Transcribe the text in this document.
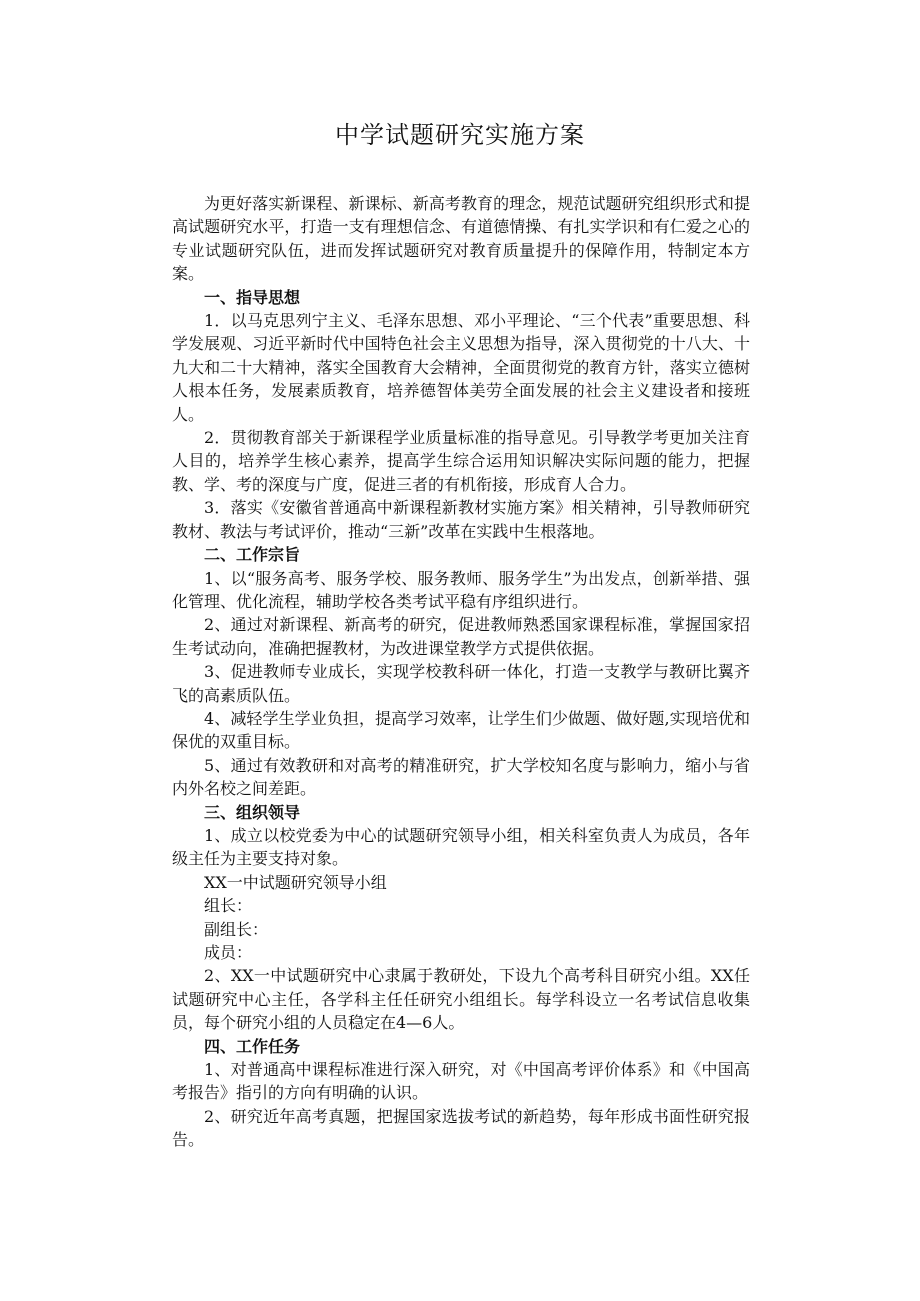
中学试题研究实施方案

为更好落实新课程、新课标、新高考教育的理念，规范试题研究组织形式和提高试题研究水平，打造一支有理想信念、有道德情操、有扎实学识和有仁爱之心的专业试题研究队伍，进而发挥试题研究对教育质量提升的保障作用，特制定本方案。

一、指导思想

1．以马克思列宁主义、毛泽东思想、邓小平理论、“三个代表”重要思想、科学发展观、习近平新时代中国特色社会主义思想为指导，深入贯彻党的十八大、十九大和二十大精神，落实全国教育大会精神，全面贯彻党的教育方针，落实立德树人根本任务，发展素质教育，培养德智体美劳全面发展的社会主义建设者和接班人。

2．贯彻教育部关于新课程学业质量标准的指导意见。引导教学考更加关注育人目的，培养学生核心素养，提高学生综合运用知识解决实际问题的能力，把握教、学、考的深度与广度，促进三者的有机衔接，形成育人合力。

3．落实《安徽省普通高中新课程新教材实施方案》相关精神，引导教师研究教材、教法与考试评价，推动“三新”改革在实践中生根落地。

二、工作宗旨

1、以“服务高考、服务学校、服务教师、服务学生”为出发点，创新举措、强化管理、优化流程，辅助学校各类考试平稳有序组织进行。

2、通过对新课程、新高考的研究，促进教师熟悉国家课程标准，掌握国家招生考试动向，准确把握教材，为改进课堂教学方式提供依据。

3、促进教师专业成长，实现学校教科研一体化，打造一支教学与教研比翼齐飞的高素质队伍。

4、减轻学生学业负担，提高学习效率，让学生们少做题、做好题,实现培优和保优的双重目标。

5、通过有效教研和对高考的精准研究，扩大学校知名度与影响力，缩小与省内外名校之间差距。

三、组织领导

1、成立以校党委为中心的试题研究领导小组，相关科室负责人为成员，各年级主任为主要支持对象。

XX一中试题研究领导小组

组长：

副组长：

成员：

2、XX一中试题研究中心隶属于教研处，下设九个高考科目研究小组。XX任试题研究中心主任，各学科主任任研究小组组长。每学科设立一名考试信息收集员，每个研究小组的人员稳定在4—6人。

四、工作任务

1、对普通高中课程标准进行深入研究，对《中国高考评价体系》和《中国高考报告》指引的方向有明确的认识。

2、研究近年高考真题，把握国家选拔考试的新趋势，每年形成书面性研究报告。
